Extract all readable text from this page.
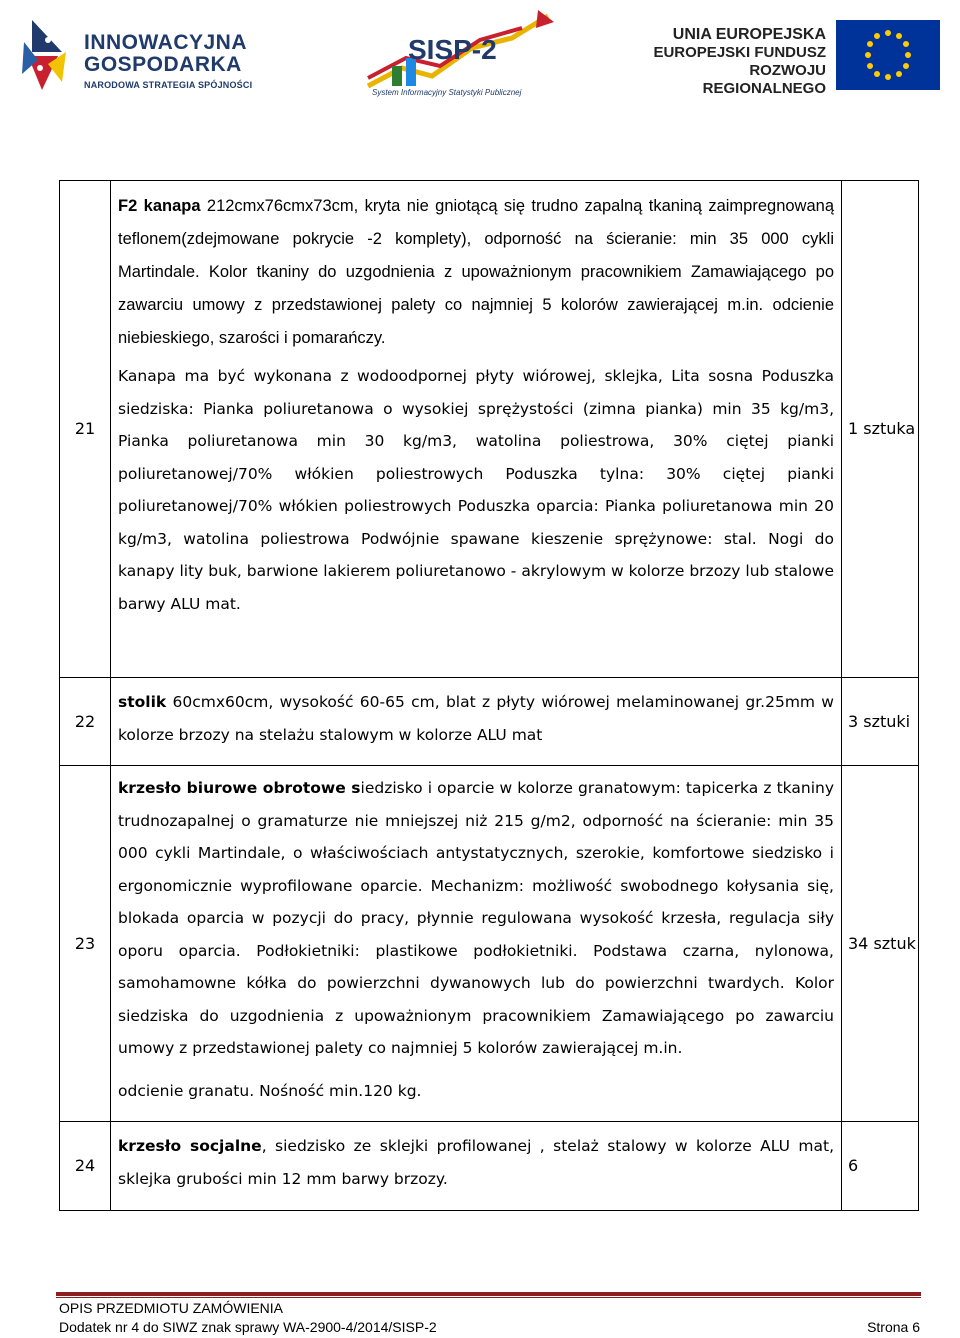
INNOWACYJNA
GOSPODARKA
NARODOWA STRATEGIA SPÓJNOŚCI
SISP-2
System Informacyjny Statystyki Publicznej
UNIA EUROPEJSKA
EUROPEJSKI FUNDUSZ
ROZWOJU REGIONALNEGO
21

F2 kanapa 212cmx76cmx73cm, kryta nie gniotącą się trudno zapalną tkaniną zaimpregnowaną teflonem(zdejmowane pokrycie -2 komplety), odporność na ścieranie: min 35 000 cykli Martindale. Kolor tkaniny do uzgodnienia z upoważnionym pracownikiem Zamawiającego po zawarciu umowy z przedstawionej palety co najmniej 5 kolorów zawierającej m.in. odcienie niebieskiego, szarości i pomarańczy.

Kanapa ma być wykonana z wodoodpornej płyty wiórowej, sklejka, Lita sosna Poduszka siedziska: Pianka poliuretanowa o wysokiej sprężystości (zimna pianka) min 35 kg/m3, Pianka poliuretanowa min 30 kg/m3, watolina poliestrowa, 30% ciętej pianki poliuretanowej/70% włókien poliestrowych Poduszka tylna: 30% ciętej pianki poliuretanowej/70% włókien poliestrowych Poduszka oparcia: Pianka poliuretanowa min 20 kg/m3, watolina poliestrowa Podwójnie spawane kieszenie sprężynowe: stal. Nogi do kanapy lity buk, barwione lakierem poliuretanowo - akrylowym w kolorze brzozy lub stalowe barwy ALU mat.

1 sztuka
22

stolik 60cmx60cm, wysokość 60-65 cm, blat z płyty wiórowej melaminowanej gr.25mm w kolorze brzozy na stelażu stalowym w kolorze ALU mat

3 sztuki
23

krzesło biurowe obrotowe siedzisko i oparcie w kolorze granatowym: tapicerka z tkaniny trudnozapalnej o gramaturze nie mniejszej niż 215 g/m2, odporność na ścieranie: min 35 000 cykli Martindale, o właściwościach antystatycznych, szerokie, komfortowe siedzisko i ergonomicznie wyprofilowane oparcie. Mechanizm: możliwość swobodnego kołysania się, blokada oparcia w pozycji do pracy, płynnie regulowana wysokość krzesła, regulacja siły oporu oparcia. Podłokietniki: plastikowe podłokietniki. Podstawa czarna, nylonowa, samohamowne kółka do powierzchni dywanowych lub do powierzchni twardych. Kolor siedziska do uzgodnienia z upoważnionym pracownikiem Zamawiającego po zawarciu umowy z przedstawionej palety co najmniej 5 kolorów zawierającej m.in.

odcienie granatu. Nośność min.120 kg.

34 sztuk
24

krzesło socjalne, siedzisko ze sklejki profilowanej , stelaż stalowy w kolorze ALU mat, sklejka grubości min 12 mm barwy brzozy.

6
OPIS PRZEDMIOTU ZAMÓWIENIA
Dodatek nr 4 do SIWZ znak sprawy WA-2900-4/2014/SISP-2	Strona 6
